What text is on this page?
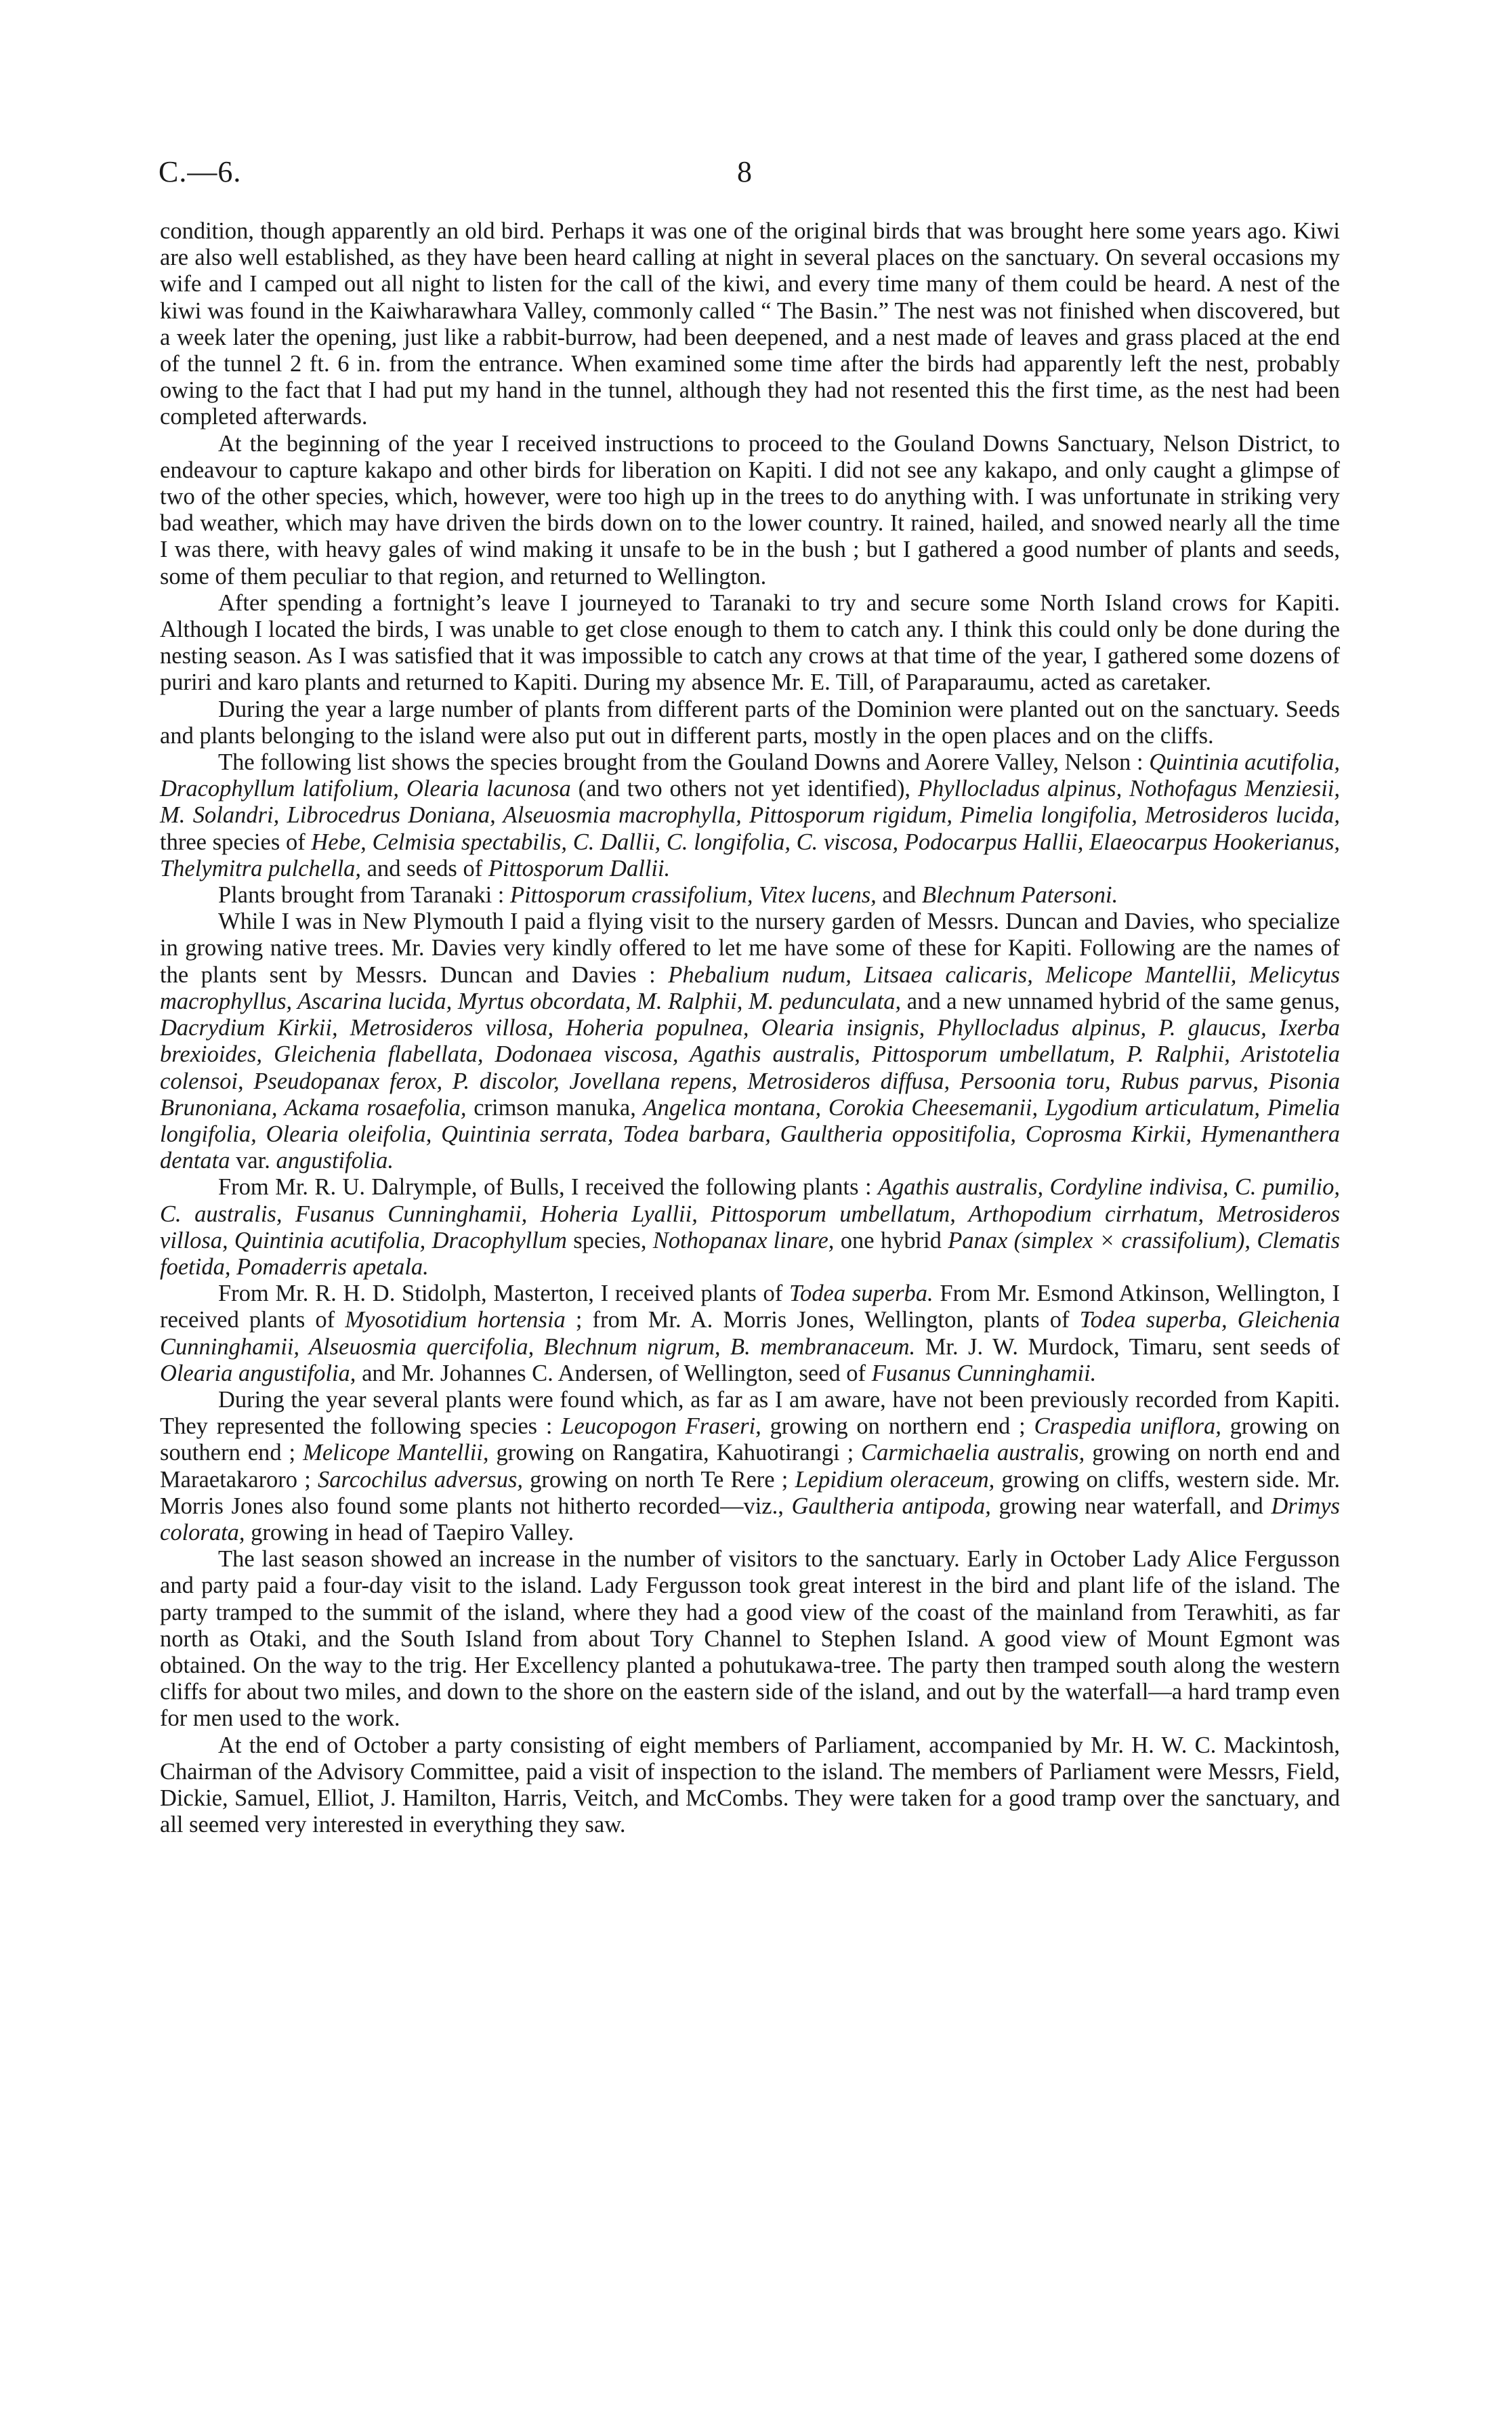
C.—6.	8

condition, though apparently an old bird. Perhaps it was one of the original birds that was brought here some years ago. Kiwi are also well established, as they have been heard calling at night in several places on the sanctuary. On several occasions my wife and I camped out all night to listen for the call of the kiwi, and every time many of them could be heard. A nest of the kiwi was found in the Kaiwharawhara Valley, commonly called “ The Basin.” The nest was not finished when discovered, but a week later the opening, just like a rabbit-burrow, had been deepened, and a nest made of leaves and grass placed at the end of the tunnel 2 ft. 6 in. from the entrance. When examined some time after the birds had apparently left the nest, probably owing to the fact that I had put my hand in the tunnel, although they had not resented this the first time, as the nest had been completed afterwards.

At the beginning of the year I received instructions to proceed to the Gouland Downs Sanctuary, Nelson District, to endeavour to capture kakapo and other birds for liberation on Kapiti. I did not see any kakapo, and only caught a glimpse of two of the other species, which, however, were too high up in the trees to do anything with. I was unfortunate in striking very bad weather, which may have driven the birds down on to the lower country. It rained, hailed, and snowed nearly all the time I was there, with heavy gales of wind making it unsafe to be in the bush ; but I gathered a good number of plants and seeds, some of them peculiar to that region, and returned to Wellington.

After spending a fortnight’s leave I journeyed to Taranaki to try and secure some North Island crows for Kapiti. Although I located the birds, I was unable to get close enough to them to catch any. I think this could only be done during the nesting season. As I was satisfied that it was impossible to catch any crows at that time of the year, I gathered some dozens of puriri and karo plants and returned to Kapiti. During my absence Mr. E. Till, of Paraparaumu, acted as caretaker.

During the year a large number of plants from different parts of the Dominion were planted out on the sanctuary. Seeds and plants belonging to the island were also put out in different parts, mostly in the open places and on the cliffs.

The following list shows the species brought from the Gouland Downs and Aorere Valley, Nelson : Quintinia acutifolia, Dracophyllum latifolium, Olearia lacunosa (and two others not yet identified), Phyllocladus alpinus, Nothofagus Menziesii, M. Solandri, Librocedrus Doniana, Alseuosmia macrophylla, Pittosporum rigidum, Pimelia longifolia, Metrosideros lucida, three species of Hebe, Celmisia spectabilis, C. Dallii, C. longifolia, C. viscosa, Podocarpus Hallii, Elaeocarpus Hookerianus, Thelymitra pulchella, and seeds of Pittosporum Dallii.

Plants brought from Taranaki : Pittosporum crassifolium, Vitex lucens, and Blechnum Patersoni.

While I was in New Plymouth I paid a flying visit to the nursery garden of Messrs. Duncan and Davies, who specialize in growing native trees. Mr. Davies very kindly offered to let me have some of these for Kapiti. Following are the names of the plants sent by Messrs. Duncan and Davies : Phebalium nudum, Litsaea calicaris, Melicope Mantellii, Melicytus macrophyllus, Ascarina lucida, Myrtus obcordata, M. Ralphii, M. pedunculata, and a new unnamed hybrid of the same genus, Dacrydium Kirkii, Metrosideros villosa, Hoheria populnea, Olearia insignis, Phyllocladus alpinus, P. glaucus, Ixerba brexioides, Gleichenia flabellata, Dodonaea viscosa, Agathis australis, Pittosporum umbellatum, P. Ralphii, Aristotelia colensoi, Pseudopanax ferox, P. discolor, Jovellana repens, Metrosideros diffusa, Persoonia toru, Rubus parvus, Pisonia Brunoniana, Ackama rosaefolia, crimson manuka, Angelica montana, Corokia Cheesemanii, Lygodium articulatum, Pimelia longifolia, Olearia oleifolia, Quintinia serrata, Todea barbara, Gaultheria oppositifolia, Coprosma Kirkii, Hymenanthera dentata var. angustifolia.

From Mr. R. U. Dalrymple, of Bulls, I received the following plants : Agathis australis, Cordyline indivisa, C. pumilio, C. australis, Fusanus Cunninghamii, Hoheria Lyallii, Pittosporum umbellatum, Arthopodium cirrhatum, Metrosideros villosa, Quintinia acutifolia, Dracophyllum species, Nothopanax linare, one hybrid Panax (simplex × crassifolium), Clematis foetida, Pomaderris apetala.

From Mr. R. H. D. Stidolph, Masterton, I received plants of Todea superba. From Mr. Esmond Atkinson, Wellington, I received plants of Myosotidium hortensia ; from Mr. A. Morris Jones, Wellington, plants of Todea superba, Gleichenia Cunninghamii, Alseuosmia quercifolia, Blechnum nigrum, B. membranaceum. Mr. J. W. Murdock, Timaru, sent seeds of Olearia angustifolia, and Mr. Johannes C. Andersen, of Wellington, seed of Fusanus Cunninghamii.

During the year several plants were found which, as far as I am aware, have not been previously recorded from Kapiti. They represented the following species : Leucopogon Fraseri, growing on northern end ; Craspedia uniflora, growing on southern end ; Melicope Mantellii, growing on Rangatira, Kahuotirangi ; Carmichaelia australis, growing on north end and Maraetakaroro ; Sarcochilus adversus, growing on north Te Rere ; Lepidium oleraceum, growing on cliffs, western side. Mr. Morris Jones also found some plants not hitherto recorded—viz., Gaultheria antipoda, growing near waterfall, and Drimys colorata, growing in head of Taepiro Valley.

The last season showed an increase in the number of visitors to the sanctuary. Early in October Lady Alice Fergusson and party paid a four-day visit to the island. Lady Fergusson took great interest in the bird and plant life of the island. The party tramped to the summit of the island, where they had a good view of the coast of the mainland from Terawhiti, as far north as Otaki, and the South Island from about Tory Channel to Stephen Island. A good view of Mount Egmont was obtained. On the way to the trig. Her Excellency planted a pohutukawa-tree. The party then tramped south along the western cliffs for about two miles, and down to the shore on the eastern side of the island, and out by the waterfall—a hard tramp even for men used to the work.

At the end of October a party consisting of eight members of Parliament, accompanied by Mr. H. W. C. Mackintosh, Chairman of the Advisory Committee, paid a visit of inspection to the island. The members of Parliament were Messrs, Field, Dickie, Samuel, Elliot, J. Hamilton, Harris, Veitch, and McCombs. They were taken for a good tramp over the sanctuary, and all seemed very interested in everything they saw.
